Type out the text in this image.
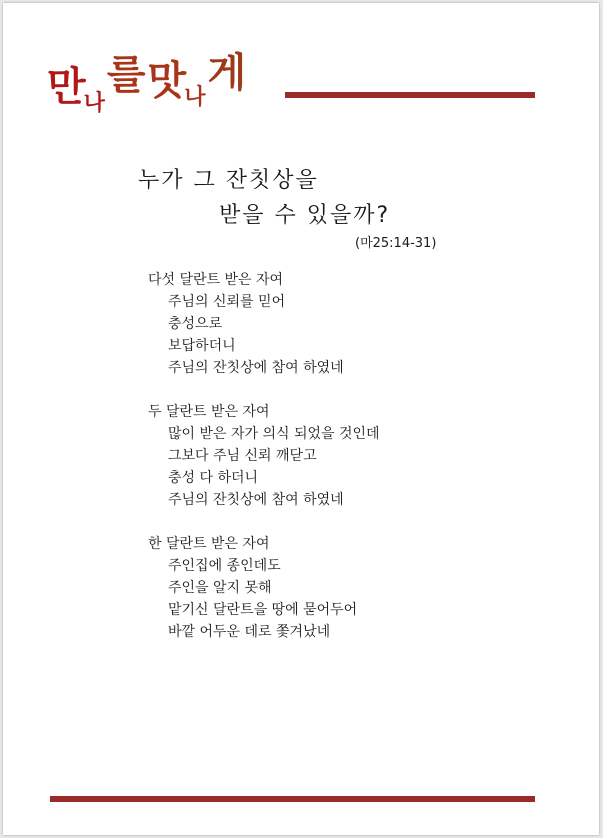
만나를맛나게
누가 그 잔칫상을
받을 수 있을까?
(마25:14-31)
다섯 달란트 받은 자여
주님의 신뢰를 믿어
충성으로
보답하더니
주님의 잔칫상에 참여 하였네
두 달란트 받은 자여
많이 받은 자가 의식 되었을 것인데
그보다 주님 신뢰 깨닫고
충성 다 하더니
주님의 잔칫상에 참여 하였네
한 달란트 받은 자여
주인집에 종인데도
주인을 알지 못해
맡기신 달란트을 땅에 묻어두어
바깥 어두운 데로 쫓겨났네
